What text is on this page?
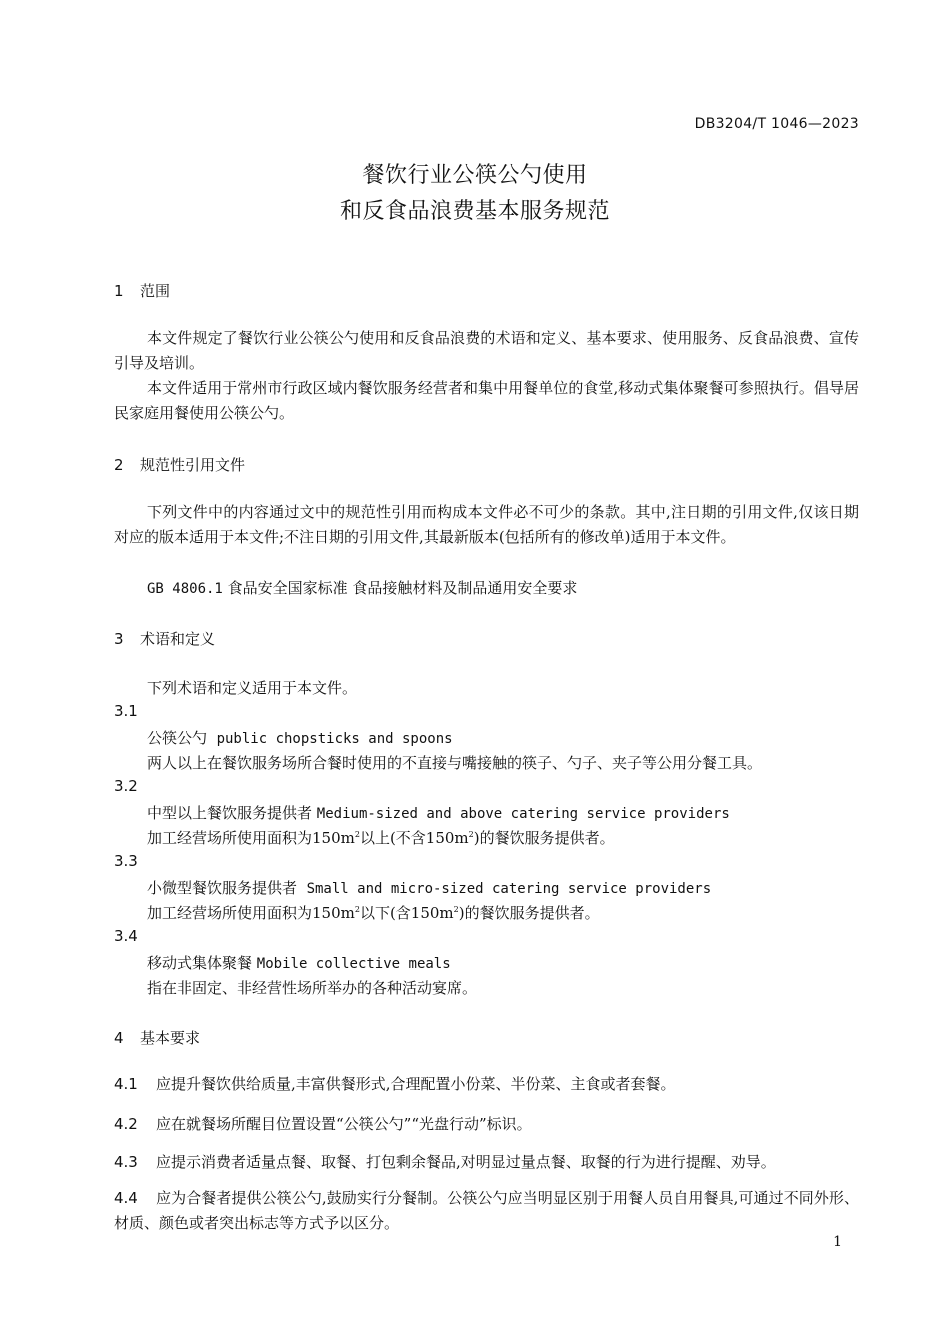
DB3204/T 1046—2023
餐饮行业公筷公勺使用
和反食品浪费基本服务规范
1 范围
本文件规定了餐饮行业公筷公勺使用和反食品浪费的术语和定义、基本要求、使用服务、反食品浪费、宣传引导及培训。
本文件适用于常州市行政区域内餐饮服务经营者和集中用餐单位的食堂,移动式集体聚餐可参照执行。倡导居民家庭用餐使用公筷公勺。
2 规范性引用文件
下列文件中的内容通过文中的规范性引用而构成本文件必不可少的条款。其中,注日期的引用文件,仅该日期对应的版本适用于本文件;不注日期的引用文件,其最新版本(包括所有的修改单)适用于本文件。
GB 4806.1 食品安全国家标准 食品接触材料及制品通用安全要求
3 术语和定义
下列术语和定义适用于本文件。
3.1
公筷公勺 public chopsticks and spoons
两人以上在餐饮服务场所合餐时使用的不直接与嘴接触的筷子、勺子、夹子等公用分餐工具。
3.2
中型以上餐饮服务提供者 Medium-sized and above catering service providers
加工经营场所使用面积为$150m^2$以上(不含$150m^2$)的餐饮服务提供者。
3.3
小微型餐饮服务提供者 Small and micro-sized catering service providers
加工经营场所使用面积为$150m^2$以下(含$150m^2$)的餐饮服务提供者。
3.4
移动式集体聚餐 Mobile collective meals
指在非固定、非经营性场所举办的各种活动宴席。
4 基本要求
4.1 应提升餐饮供给质量,丰富供餐形式,合理配置小份菜、半份菜、主食或者套餐。
4.2 应在就餐场所醒目位置设置“公筷公勺”“光盘行动”标识。
4.3 应提示消费者适量点餐、取餐、打包剩余餐品,对明显过量点餐、取餐的行为进行提醒、劝导。
4.4 应为合餐者提供公筷公勺,鼓励实行分餐制。公筷公勺应当明显区别于用餐人员自用餐具,可通过不同外形、材质、颜色或者突出标志等方式予以区分。
1
